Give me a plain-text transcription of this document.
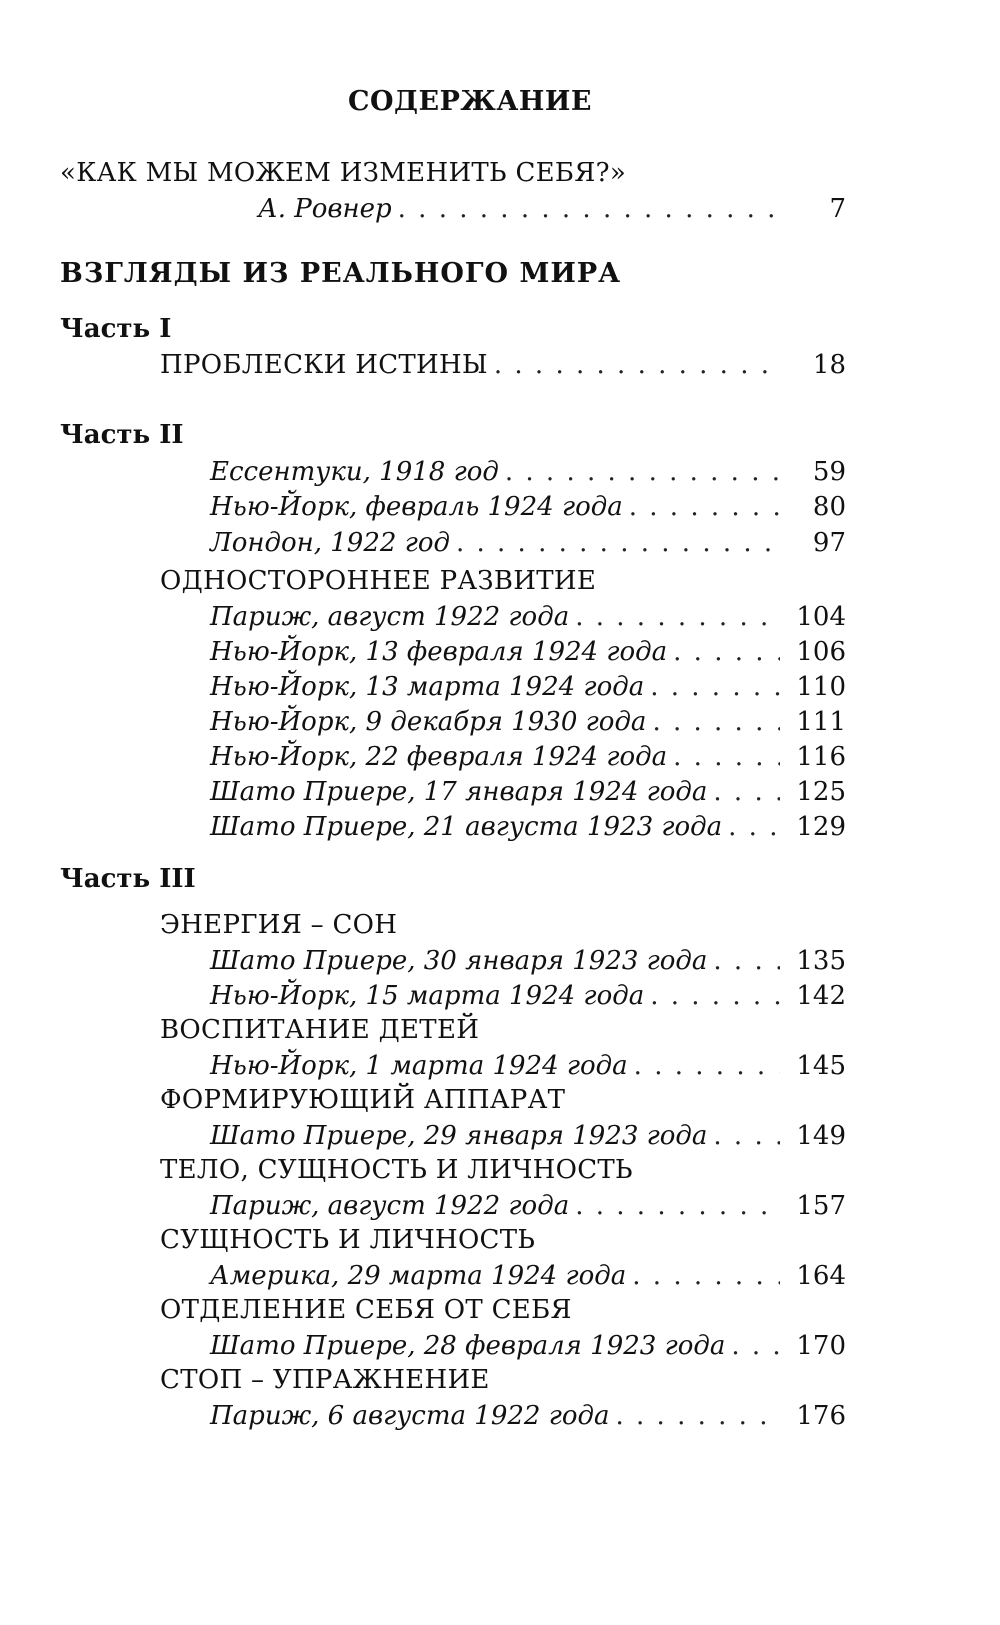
СОДЕРЖАНИЕ
«КАК МЫ МОЖЕМ ИЗМЕНИТЬ СЕБЯ?»
А. Ровнер . . .	7
ВЗГЛЯДЫ ИЗ РЕАЛЬНОГО МИРА
Часть I
ПРОБЛЕСКИ ИСТИНЫ . . .	18
Часть II
Ессентуки, 1918 год . . .	59
Нью-Йорк, февраль 1924 года . . .	80
Лондон, 1922 год . . .	97
ОДНОСТОРОННЕЕ РАЗВИТИЕ
Париж, август 1922 года . . .	104
Нью-Йорк, 13 февраля 1924 года . . .	106
Нью-Йорк, 13 марта 1924 года . . .	110
Нью-Йорк, 9 декабря 1930 года . . .	111
Нью-Йорк, 22 февраля 1924 года . . .	116
Шато Приере, 17 января 1924 года . . .	125
Шато Приере, 21 августа 1923 года . . .	129
Часть III
ЭНЕРГИЯ – СОН
Шато Приере, 30 января 1923 года . . .	135
Нью-Йорк, 15 марта 1924 года . . .	142
ВОСПИТАНИЕ ДЕТЕЙ
Нью-Йорк, 1 марта 1924 года . . .	145
ФОРМИРУЮЩИЙ АППАРАТ
Шато Приере, 29 января 1923 года . . .	149
ТЕЛО, СУЩНОСТЬ И ЛИЧНОСТЬ
Париж, август 1922 года . . .	157
СУЩНОСТЬ И ЛИЧНОСТЬ
Америка, 29 марта 1924 года . . .	164
ОТДЕЛЕНИЕ СЕБЯ ОТ СЕБЯ
Шато Приере, 28 февраля 1923 года . . .	170
СТОП – УПРАЖНЕНИЕ
Париж, 6 августа 1922 года . . .	176
